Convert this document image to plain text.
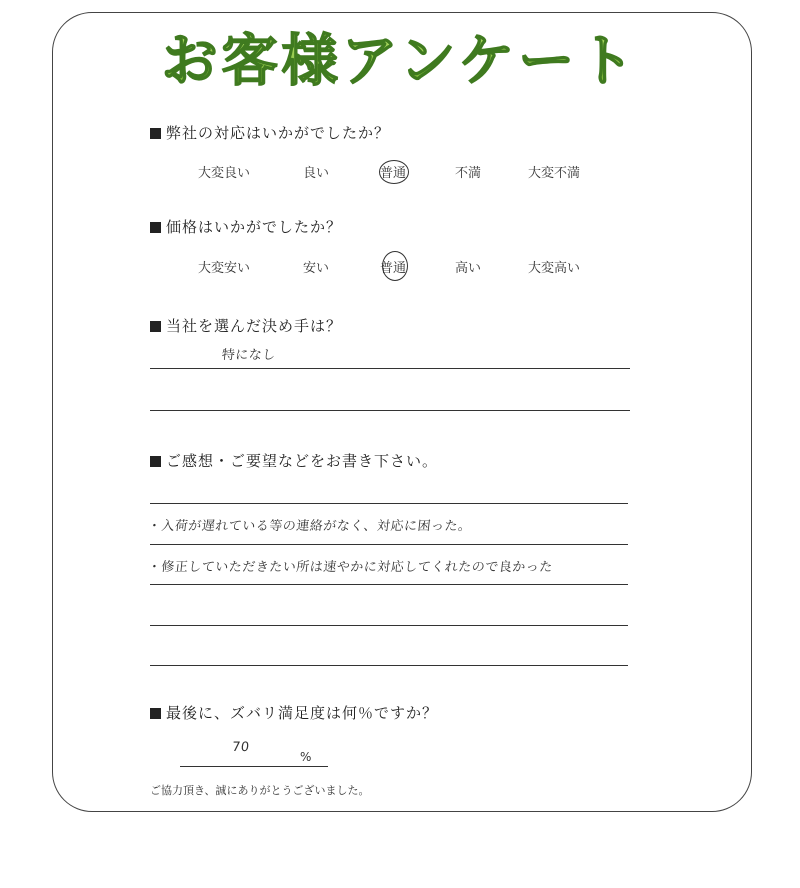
お客様アンケート
弊社の対応はいかがでしたか？
大変良い	良い	普通	不満	大変不満
価格はいかがでしたか？
大変安い	安い	普通	高い	大変高い
当社を選んだ決め手は？
特になし
ご感想・ご要望などをお書き下さい。
・入荷が遅れている等の連絡がなく、対応に困った。
・修正していただきたい所は速やかに対応してくれたので良かった
最後に、ズバリ満足度は何％ですか？
70
%
ご協力頂き、誠にありがとうございました。
